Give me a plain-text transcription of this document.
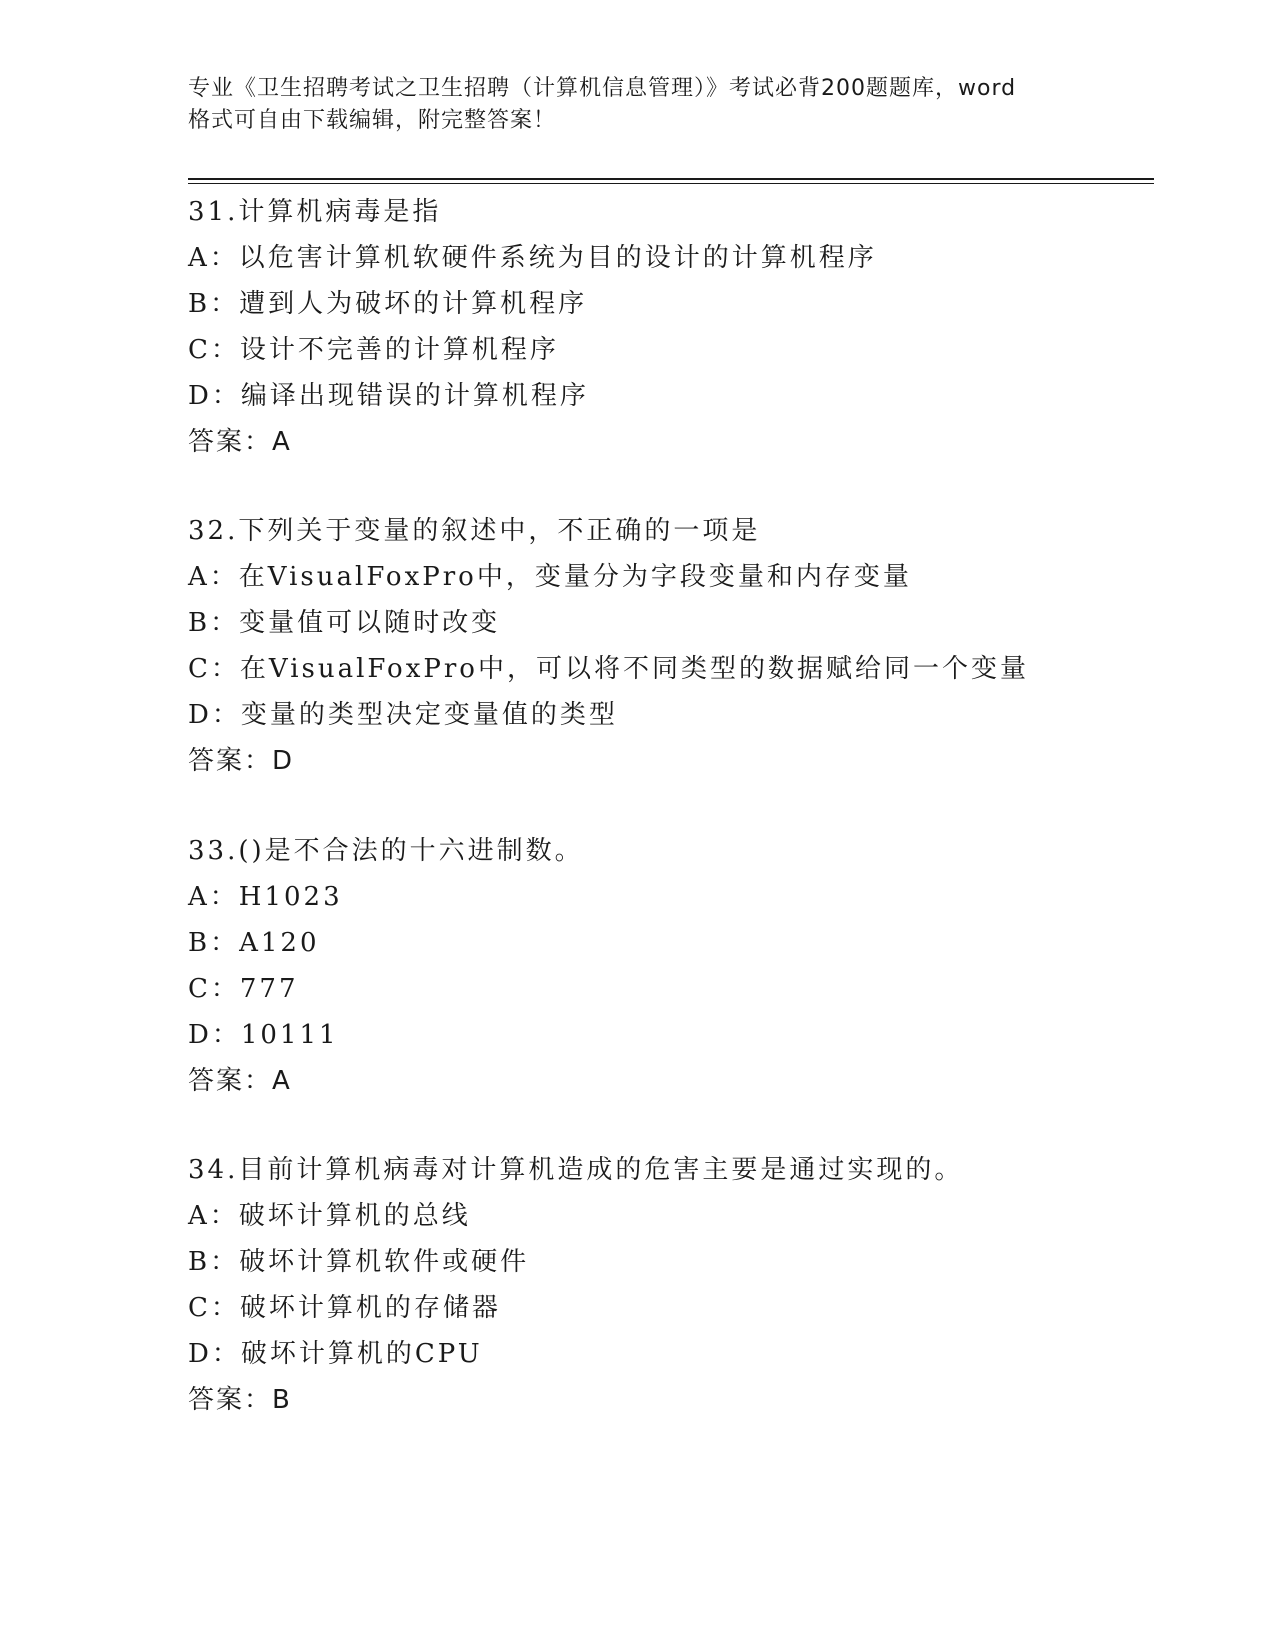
专业《卫生招聘考试之卫生招聘（计算机信息管理）》考试必背200题题库，word
格式可自由下载编辑，附完整答案！
31.计算机病毒是指
A：以危害计算机软硬件系统为目的设计的计算机程序
B：遭到人为破坏的计算机程序
C：设计不完善的计算机程序
D：编译出现错误的计算机程序
答案：A
32.下列关于变量的叙述中，不正确的一项是
A：在VisualFoxPro中，变量分为字段变量和内存变量
B：变量值可以随时改变
C：在VisualFoxPro中，可以将不同类型的数据赋给同一个变量
D：变量的类型决定变量值的类型
答案：D
33.()是不合法的十六进制数。
A：H1023
B：A120
C：777
D：10111
答案：A
34.目前计算机病毒对计算机造成的危害主要是通过实现的。
A：破坏计算机的总线
B：破坏计算机软件或硬件
C：破坏计算机的存储器
D：破坏计算机的CPU
答案：B
